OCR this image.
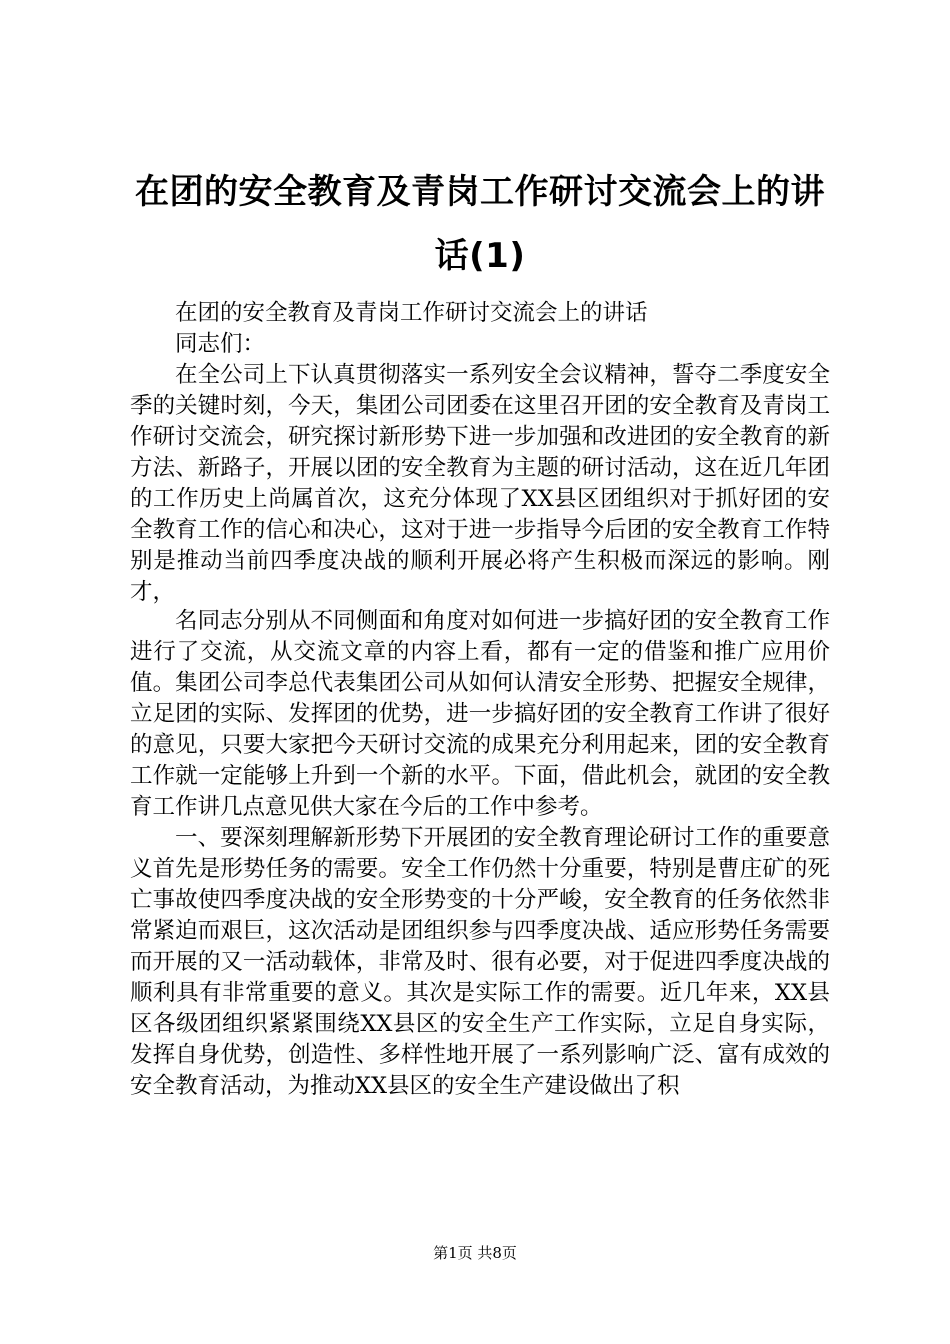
在团的安全教育及青岗工作研讨交流会上的讲话(1)

在团的安全教育及青岗工作研讨交流会上的讲话

同志们：

在全公司上下认真贯彻落实一系列安全会议精神，誓夺二季度安全季的关键时刻，今天，集团公司团委在这里召开团的安全教育及青岗工作研讨交流会，研究探讨新形势下进一步加强和改进团的安全教育的新方法、新路子，开展以团的安全教育为主题的研讨活动，这在近几年团的工作历史上尚属首次，这充分体现了XX县区团组织对于抓好团的安全教育工作的信心和决心，这对于进一步指导今后团的安全教育工作特别是推动当前四季度决战的顺利开展必将产生积极而深远的影响。刚才，

名同志分别从不同侧面和角度对如何进一步搞好团的安全教育工作进行了交流，从交流文章的内容上看，都有一定的借鉴和推广应用价值。集团公司李总代表集团公司从如何认清安全形势、把握安全规律，立足团的实际、发挥团的优势，进一步搞好团的安全教育工作讲了很好的意见，只要大家把今天研讨交流的成果充分利用起来，团的安全教育工作就一定能够上升到一个新的水平。下面，借此机会，就团的安全教育工作讲几点意见供大家在今后的工作中参考。

一、要深刻理解新形势下开展团的安全教育理论研讨工作的重要意义首先是形势任务的需要。安全工作仍然十分重要，特别是曹庄矿的死亡事故使四季度决战的安全形势变的十分严峻，安全教育的任务依然非常紧迫而艰巨，这次活动是团组织参与四季度决战、适应形势任务需要而开展的又一活动载体，非常及时、很有必要，对于促进四季度决战的顺利具有非常重要的意义。其次是实际工作的需要。近几年来，XX县区各级团组织紧紧围绕XX县区的安全生产工作实际，立足自身实际，发挥自身优势，创造性、多样性地开展了一系列影响广泛、富有成效的安全教育活动，为推动XX县区的安全生产建设做出了积

第1页 共8页
